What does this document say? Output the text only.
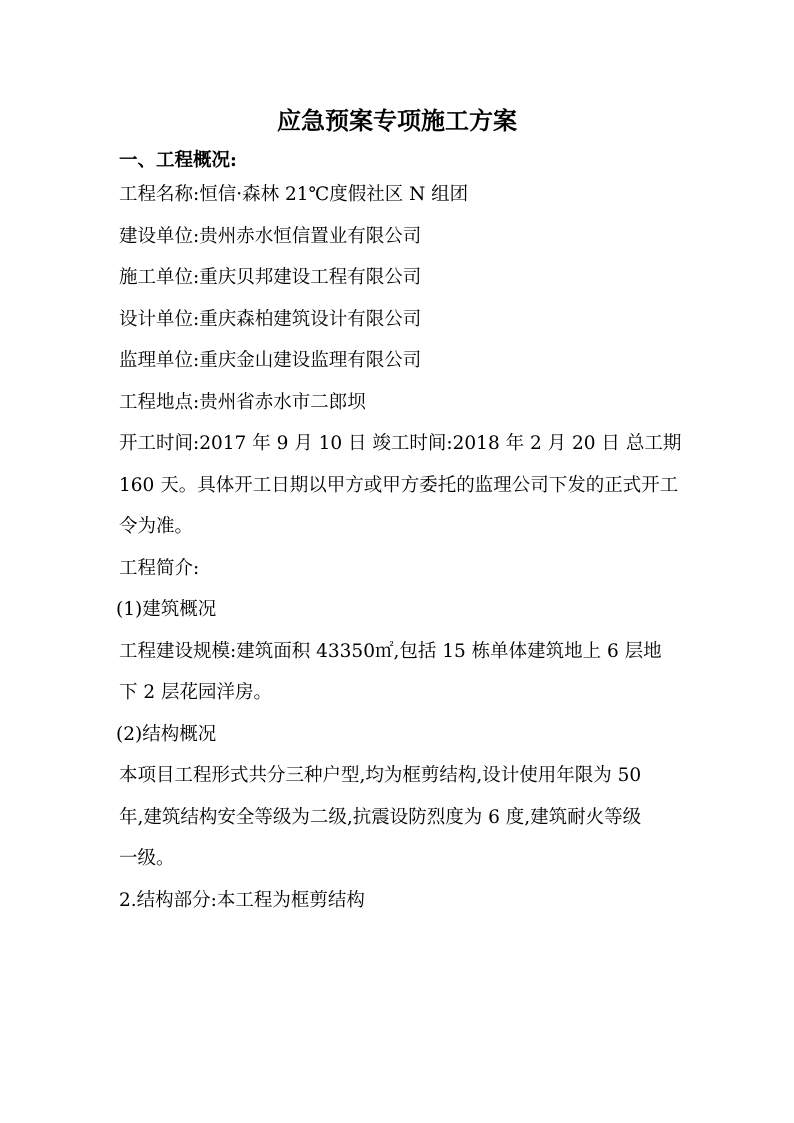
应急预案专项施工方案
一、工程概况:
工程名称:恒信·森林 21℃度假社区 N 组团
建设单位:贵州赤水恒信置业有限公司
施工单位:重庆贝邦建设工程有限公司
设计单位:重庆森柏建筑设计有限公司
监理单位:重庆金山建设监理有限公司
工程地点:贵州省赤水市二郎坝
开工时间:2017 年 9 月 10 日 竣工时间:2018 年 2 月 20 日 总工期
160 天。具体开工日期以甲方或甲方委托的监理公司下发的正式开工
令为准。
工程简介:
(1)建筑概况
工程建设规模:建筑面积 43350㎡,包括 15 栋单体建筑地上 6 层地
下 2 层花园洋房。
(2)结构概况
本项目工程形式共分三种户型,均为框剪结构,设计使用年限为 50
年,建筑结构安全等级为二级,抗震设防烈度为 6 度,建筑耐火等级
一级。
2.结构部分:本工程为框剪结构
